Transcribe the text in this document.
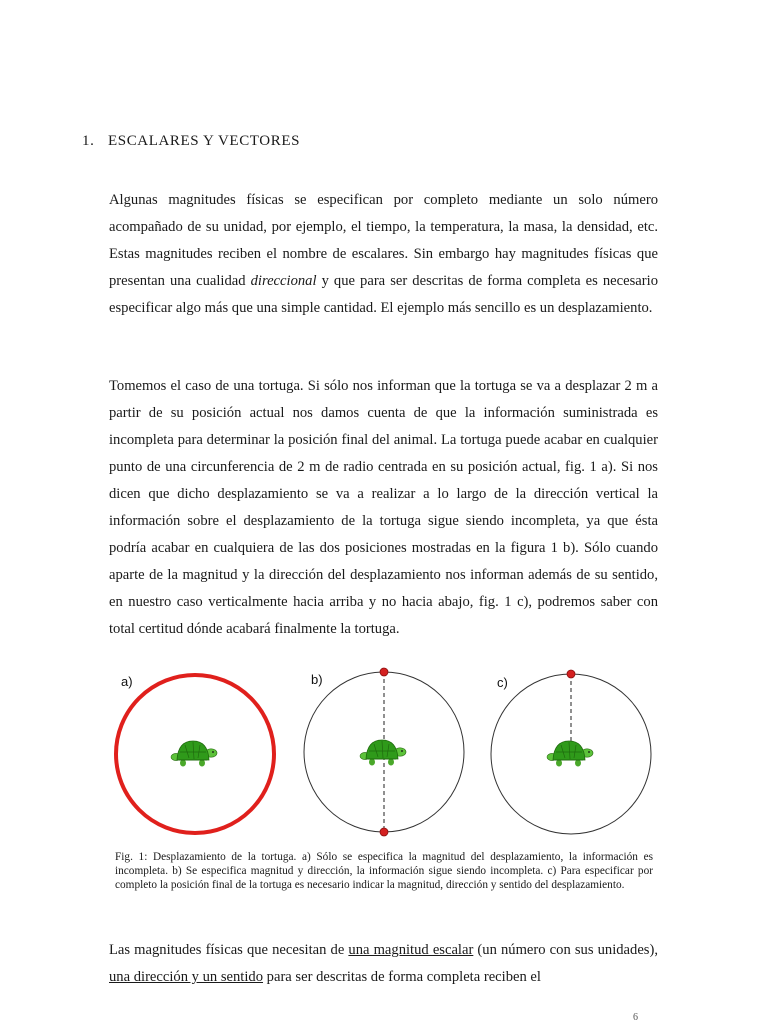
1. ESCALARES Y VECTORES

Algunas magnitudes físicas se especifican por completo mediante un solo número acompañado de su unidad, por ejemplo, el tiempo, la temperatura, la masa, la densidad, etc. Estas magnitudes reciben el nombre de escalares. Sin embargo hay magnitudes físicas que presentan una cualidad direccional y que para ser descritas de forma completa es necesario especificar algo más que una simple cantidad. El ejemplo más sencillo es un desplazamiento.

Tomemos el caso de una tortuga. Si sólo nos informan que la tortuga se va a desplazar 2 m a partir de su posición actual nos damos cuenta de que la información suministrada es incompleta para determinar la posición final del animal. La tortuga puede acabar en cualquier punto de una circunferencia de 2 m de radio centrada en su posición actual, fig. 1 a). Si nos dicen que dicho desplazamiento se va a realizar a lo largo de la dirección vertical la información sobre el desplazamiento de la tortuga sigue siendo incompleta, ya que ésta podría acabar en cualquiera de las dos posiciones mostradas en la figura 1 b). Sólo cuando aparte de la magnitud y la dirección del desplazamiento nos informan además de su sentido, en nuestro caso verticalmente hacia arriba y no hacia abajo, fig. 1 c), podremos saber con total certitud dónde acabará finalmente la tortuga.

a)	b)	c)

Fig. 1: Desplazamiento de la tortuga. a) Sólo se especifica la magnitud del desplazamiento, la información es incompleta. b) Se especifica magnitud y dirección, la información sigue siendo incompleta. c) Para especificar por completo la posición final de la tortuga es necesario indicar la magnitud, dirección y sentido del desplazamiento.

Las magnitudes físicas que necesitan de una magnitud escalar (un número con sus unidades), una dirección y un sentido para ser descritas de forma completa reciben el

6
